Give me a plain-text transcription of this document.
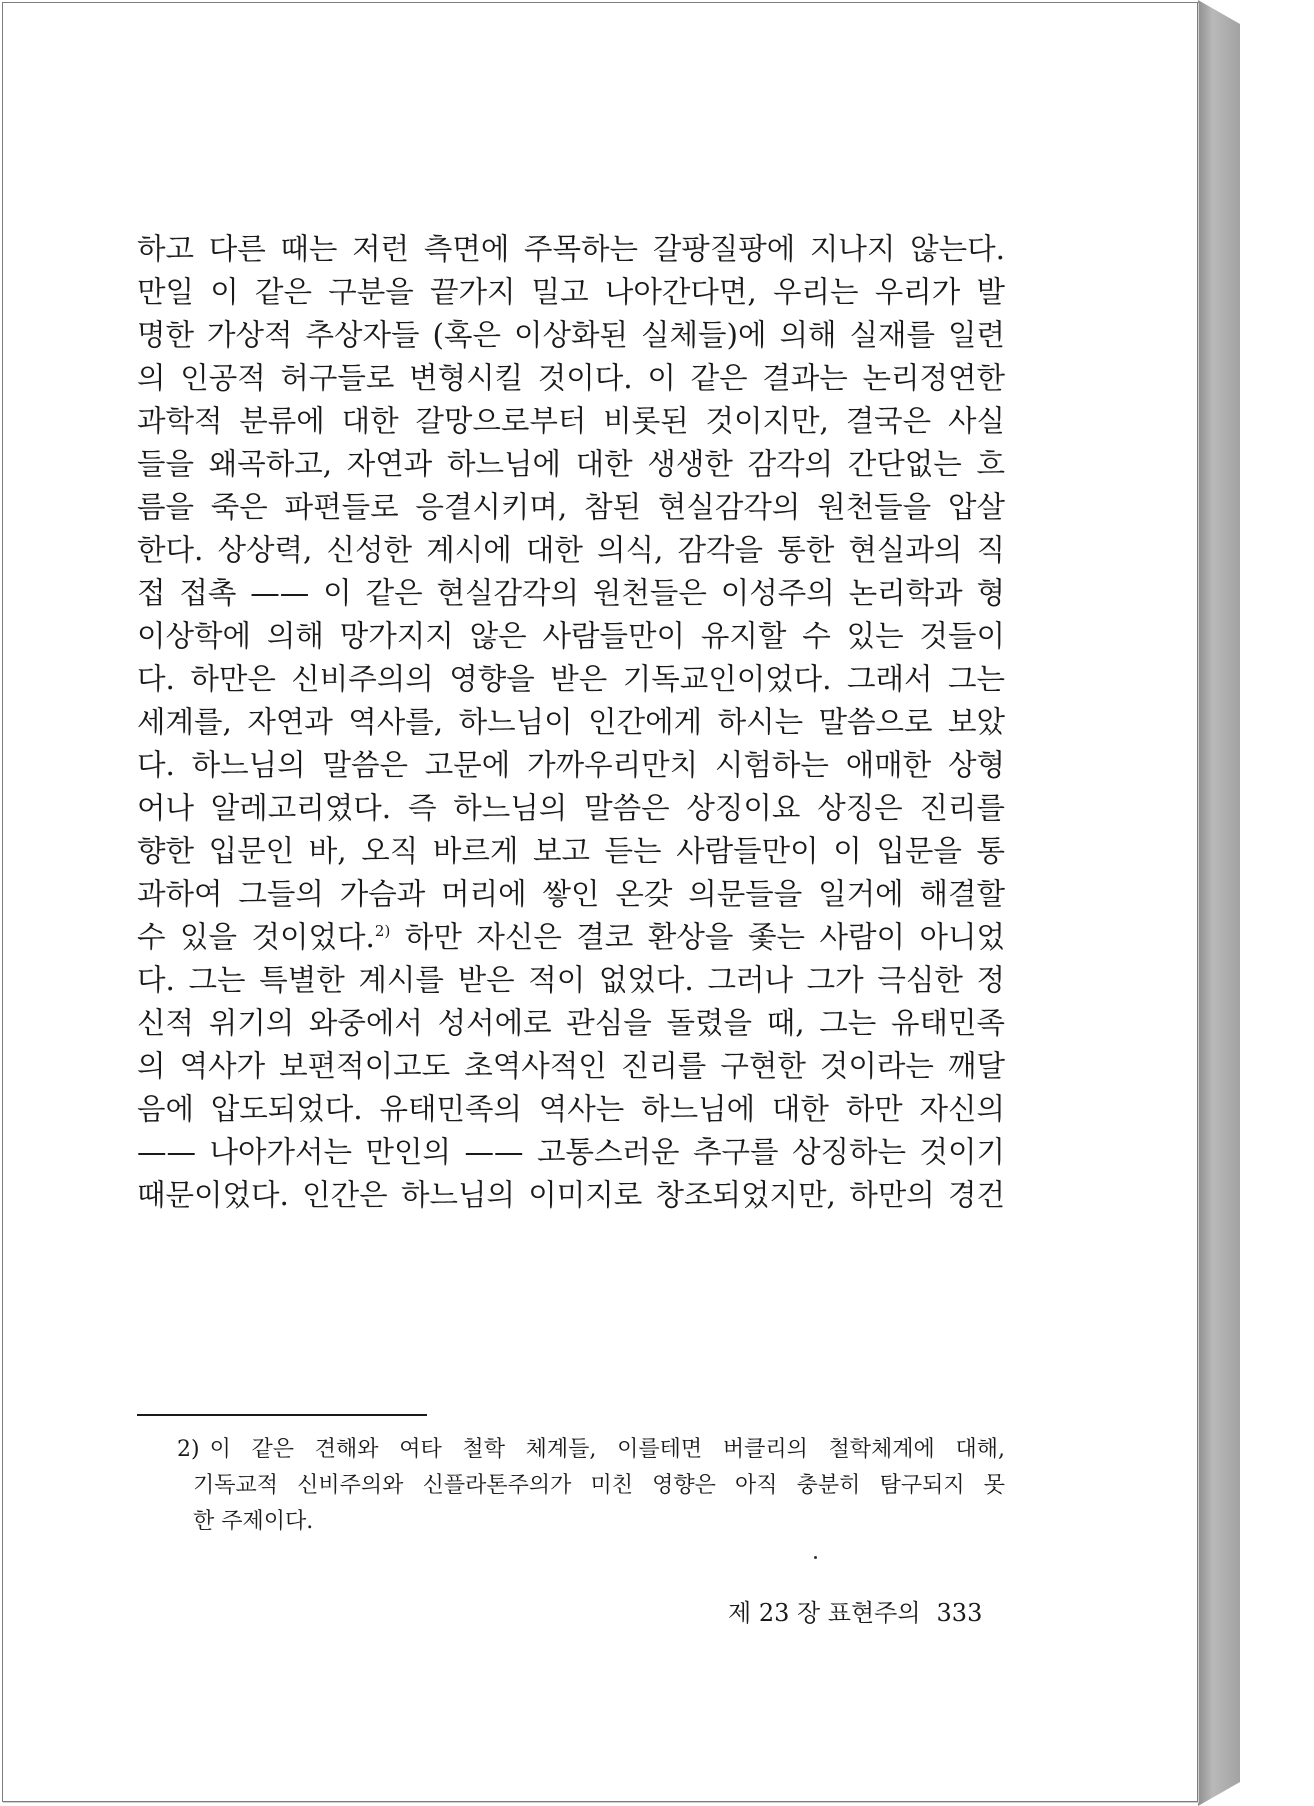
하고 다른 때는 저런 측면에 주목하는 갈팡질팡에 지나지 않는다.
만일 이 같은 구분을 끝가지 밀고 나아간다면, 우리는 우리가 발
명한 가상적 추상자들 (혹은 이상화된 실체들)에 의해 실재를 일련
의 인공적 허구들로 변형시킬 것이다. 이 같은 결과는 논리정연한
과학적 분류에 대한 갈망으로부터 비롯된 것이지만, 결국은 사실
들을 왜곡하고, 자연과 하느님에 대한 생생한 감각의 간단없는 흐
름을 죽은 파편들로 응결시키며, 참된 현실감각의 원천들을 압살
한다. 상상력, 신성한 계시에 대한 의식, 감각을 통한 현실과의 직
접 접촉 —— 이 같은 현실감각의 원천들은 이성주의 논리학과 형
이상학에 의해 망가지지 않은 사람들만이 유지할 수 있는 것들이
다. 하만은 신비주의의 영향을 받은 기독교인이었다. 그래서 그는
세계를, 자연과 역사를, 하느님이 인간에게 하시는 말씀으로 보았
다. 하느님의 말씀은 고문에 가까우리만치 시험하는 애매한 상형
어나 알레고리였다. 즉 하느님의 말씀은 상징이요 상징은 진리를
향한 입문인 바, 오직 바르게 보고 듣는 사람들만이 이 입문을 통
과하여 그들의 가슴과 머리에 쌓인 온갖 의문들을 일거에 해결할
수 있을 것이었다.$^{2)}$ 하만 자신은 결코 환상을 좇는 사람이 아니었
다. 그는 특별한 계시를 받은 적이 없었다. 그러나 그가 극심한 정
신적 위기의 와중에서 성서에로 관심을 돌렸을 때, 그는 유태민족
의 역사가 보편적이고도 초역사적인 진리를 구현한 것이라는 깨달
음에 압도되었다. 유태민족의 역사는 하느님에 대한 하만 자신의
—— 나아가서는 만인의 —— 고통스러운 추구를 상징하는 것이기
때문이었다. 인간은 하느님의 이미지로 창조되었지만, 하만의 경건
2) 이 같은 견해와 여타 철학 체계들, 이를테면 버클리의 철학체계에 대해,
기독교적 신비주의와 신플라톤주의가 미친 영향은 아직 충분히 탐구되지 못
한 주제이다.
제 23 장 표현주의 333
